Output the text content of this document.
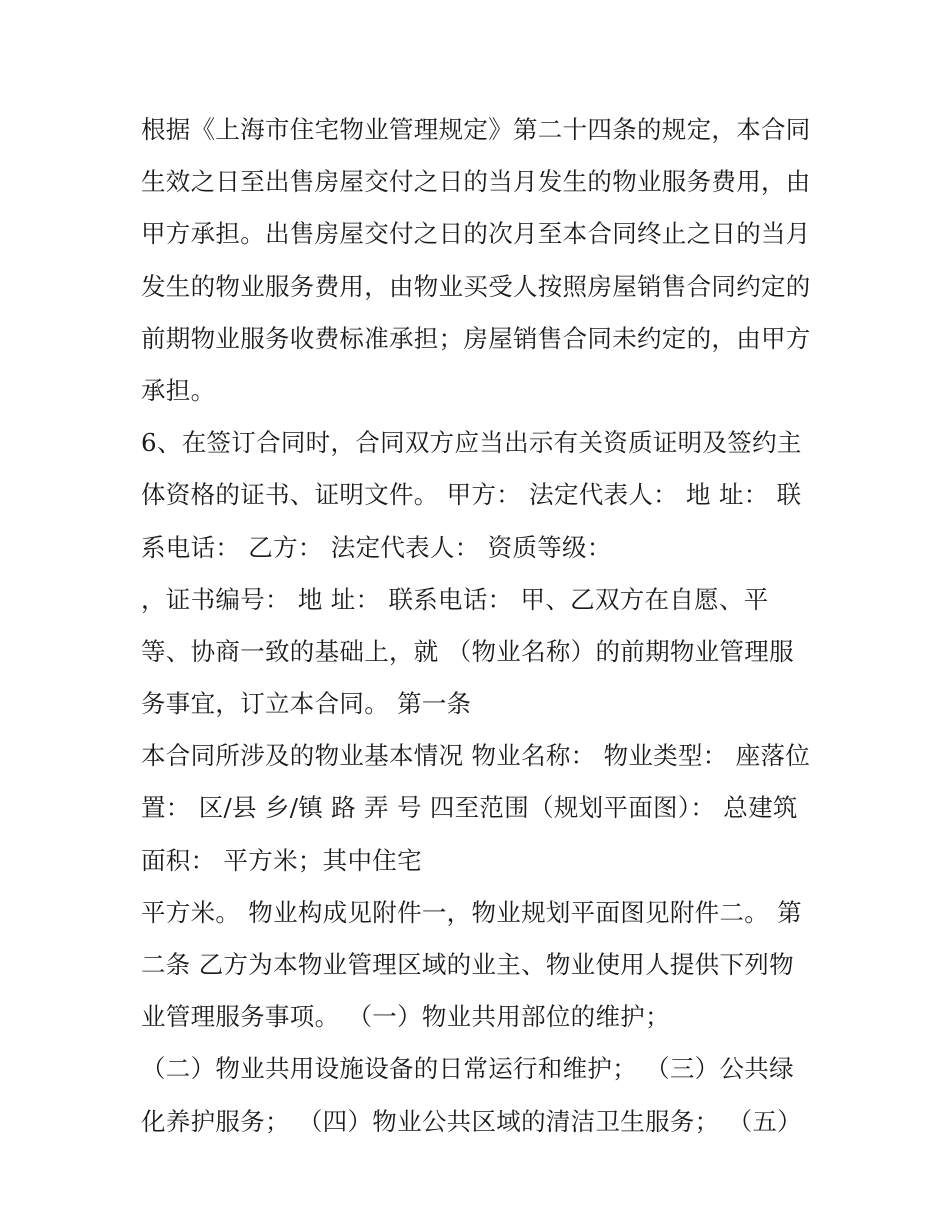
根据《上海市住宅物业管理规定》第二十四条的规定，本合同
生效之日至出售房屋交付之日的当月发生的物业服务费用，由
甲方承担。出售房屋交付之日的次月至本合同终止之日的当月
发生的物业服务费用，由物业买受人按照房屋销售合同约定的
前期物业服务收费标准承担；房屋销售合同未约定的，由甲方
承担。
6、在签订合同时，合同双方应当出示有关资质证明及签约主
体资格的证书、证明文件。 甲方： 法定代表人： 地 址： 联
系电话： 乙方： 法定代表人： 资质等级：
，证书编号： 地 址： 联系电话： 甲、乙双方在自愿、平
等、协商一致的基础上，就 （物业名称）的前期物业管理服
务事宜，订立本合同。 第一条
本合同所涉及的物业基本情况 物业名称： 物业类型： 座落位
置： 区/县 乡/镇 路 弄 号 四至范围（规划平面图）： 总建筑
面积： 平方米；其中住宅
平方米。 物业构成见附件一，物业规划平面图见附件二。 第
二条 乙方为本物业管理区域的业主、物业使用人提供下列物
业管理服务事项。 （一）物业共用部位的维护；
（二）物业共用设施设备的日常运行和维护； （三）公共绿
化养护服务； （四）物业公共区域的清洁卫生服务； （五）
